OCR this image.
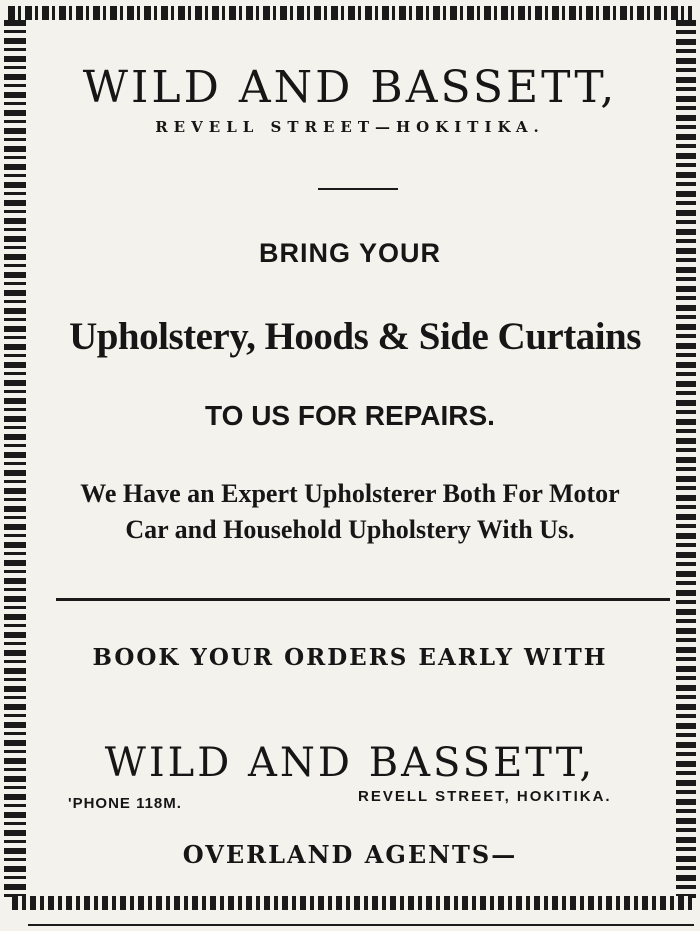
WILD AND BASSETT,
REVELL STREET—HOKITIKA.
BRING YOUR
Upholstery, Hoods & Side Curtains
TO US FOR REPAIRS.
We Have an Expert Upholsterer Both For Motor
Car and Household Upholstery With Us.
BOOK YOUR ORDERS EARLY WITH
WILD AND BASSETT,
'PHONE 118M.	REVELL STREET, HOKITIKA.
OVERLAND AGENTS—
